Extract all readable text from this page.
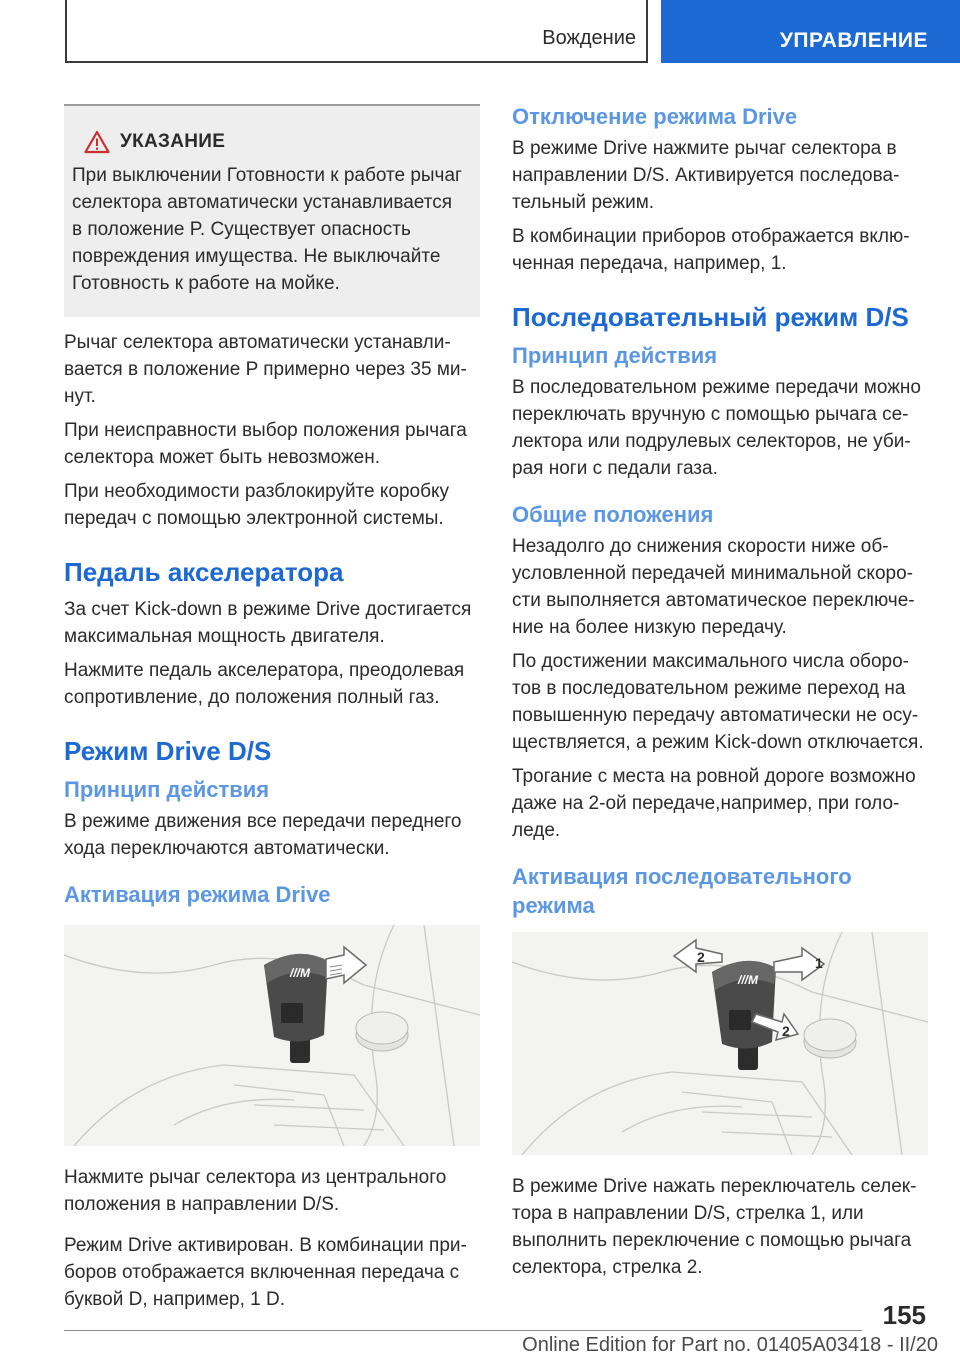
Вождение	УПРАВЛЕНИЕ
УКАЗАНИЕ

При выключении Готовности к работе рычаг селектора автоматически устанавливается в положение P. Существует опасность повреждения имущества. Не выключайте Готовность к работе на мойке.

Рычаг селектора автоматически устанавливается в положение P примерно через 35 минут.

При неисправности выбор положения рычага селектора может быть невозможен.

При необходимости разблокируйте коробку передач с помощью электронной системы.

Педаль акселератора

За счет Kick-down в режиме Drive достигается максимальная мощность двигателя.

Нажмите педаль акселератора, преодолевая сопротивление, до положения полный газ.

Режим Drive D/S
Принцип действия

В режиме движения все передачи переднего хода переключаются автоматически.

Активация режима Drive
///M

Нажмите рычаг селектора из центрального положения в направлении D/S.

Режим Drive активирован. В комбинации приборов отображается включенная передача с буквой D, например, 1 D.

Отключение режима Drive

В режиме Drive нажмите рычаг селектора в направлении D/S. Активируется последовательный режим.

В комбинации приборов отображается включенная передача, например, 1.

Последовательный режим D/S
Принцип действия

В последовательном режиме передачи можно переключать вручную с помощью рычага селектора или подрулевых селекторов, не убирая ноги с педали газа.

Общие положения

Незадолго до снижения скорости ниже обусловленной передачей минимальной скорости выполняется автоматическое переключение на более низкую передачу.

По достижении максимального числа оборотов в последовательном режиме переход на повышенную передачу автоматически не осуществляется, а режим Kick-down отключается.

Трогание с места на ровной дороге возможно даже на 2-ой передаче,например, при гололеде.

Активация последовательного режима
///M
2	1
2

В режиме Drive нажать переключатель селектора в направлении D/S, стрелка 1, или выполнить переключение с помощью рычага селектора, стрелка 2.

155
Online Edition for Part no. 01405A03418 - II/20
